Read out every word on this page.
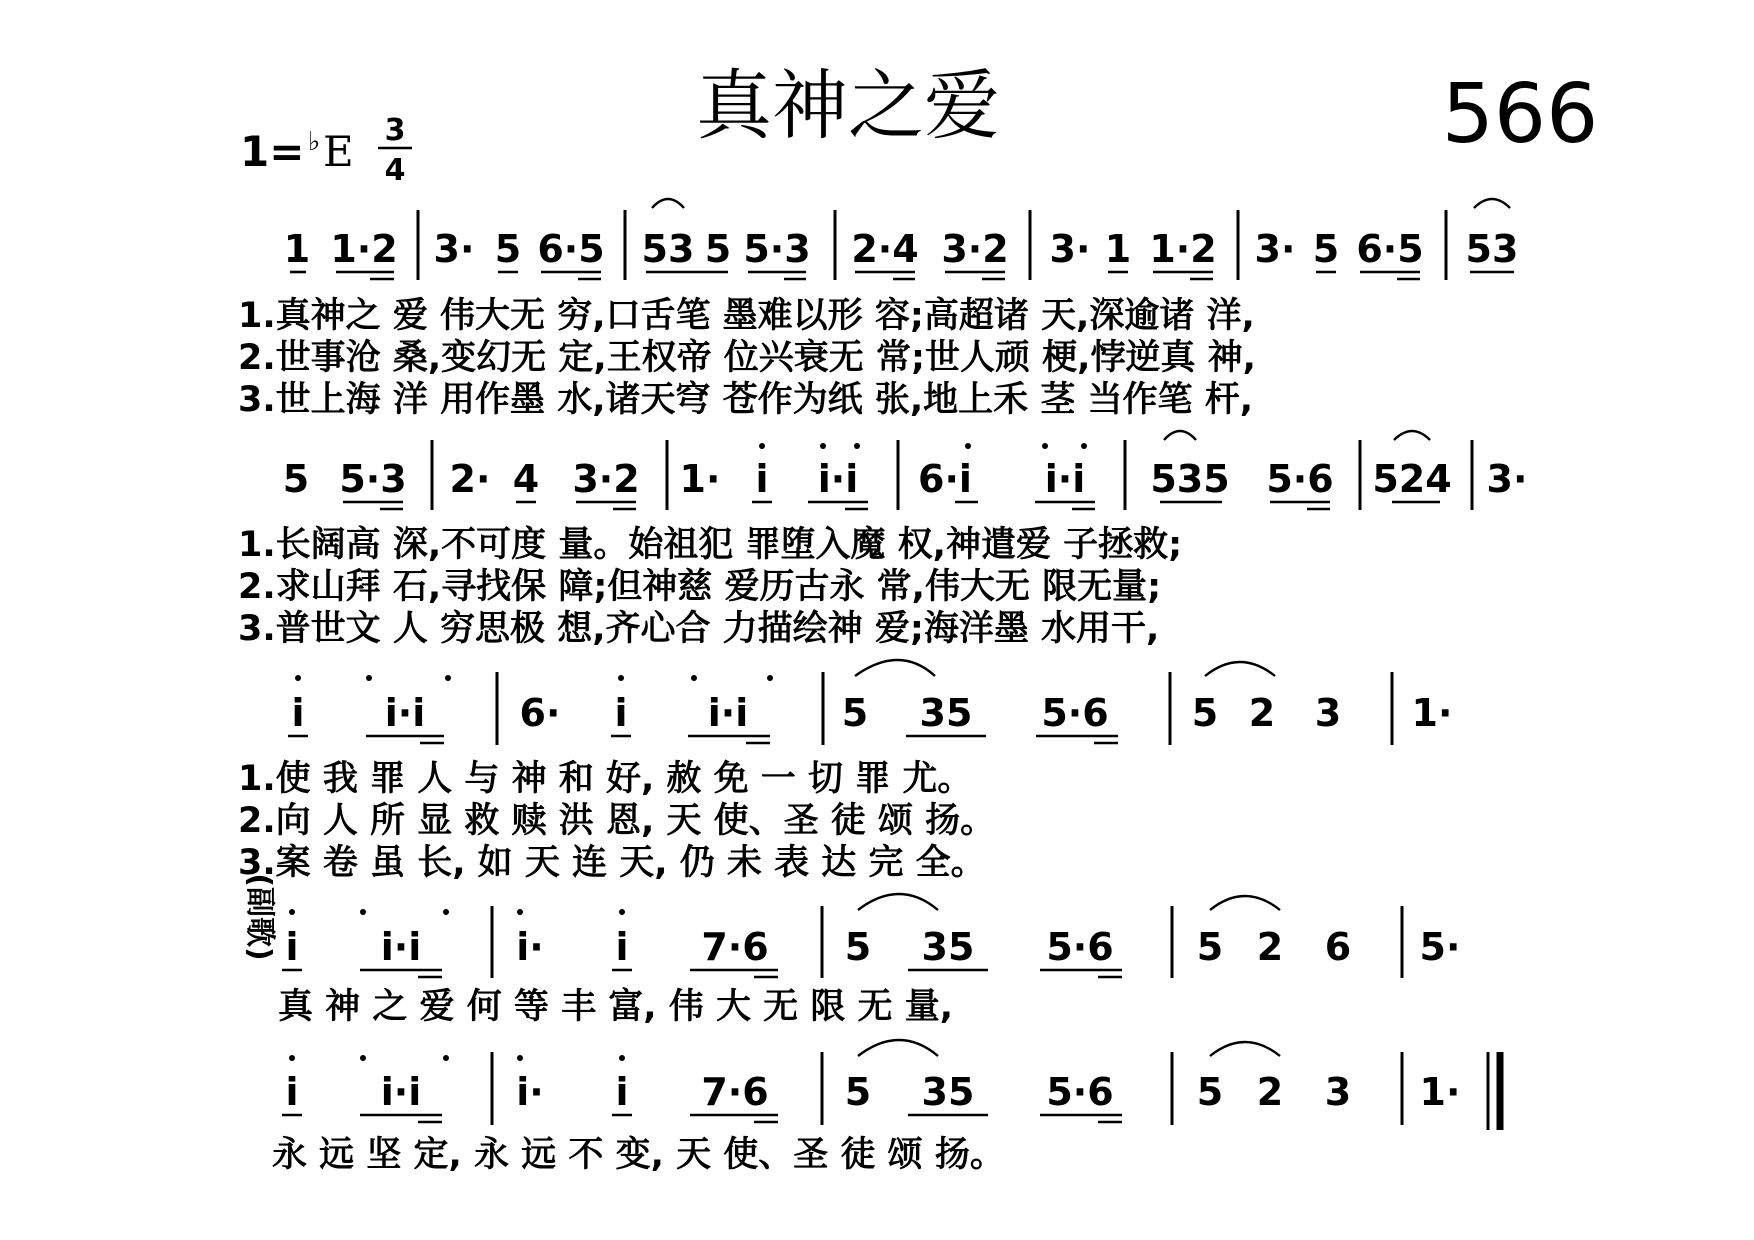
真神之爱	566
1= ♭ E 3
4
1 1·2 3· 5 6·5 53 5 5·3 2·4 3·2 3· 1 1·2 3· 5 6·5 53
1.真神之 爱 伟大无 穷,口舌笔 墨难以形 容;高超诸 天,深逾诸 洋,
2.世事沧 桑,变幻无 定,王权帝 位兴衰无 常;世人顽 梗,悖逆真 神,
3.世上海 洋 用作墨 水,诸天穹 苍作为纸 张,地上禾 茎 当作笔 杆,
5 5·3 2· 4 3·2 1· i i·i 6·i i·i 535 5·6 524 3·
1.长阔高 深,不可度 量。始祖犯 罪堕入魔 权,神遣爱 子拯救;
2.求山拜 石,寻找保 障;但神慈 爱历古永 常,伟大无 限无量;
3.普世文 人 穷思极 想,齐心合 力描绘神 爱;海洋墨 水用干,
i i·i 6· i i·i 5 35 5·6 5 2 3 1·
1.使 我 罪 人 与 神 和 好, 赦 免 一 切 罪 尤。
2.向 人 所 显 救 赎 洪 恩, 天 使、圣 徒 颂 扬。
3.案 卷 虽 长, 如 天 连 天, 仍 未 表 达 完 全。
(副歌) i i·i	i· i 7·6 5 35 5·6 5 2 6 5·
真 神 之 爱 何 等 丰 富, 伟 大 无 限 无 量,
i i·i	i· i 7·6 5 35 5·6 5 2 3 1·
永 远 坚 定, 永 远 不 变, 天 使、圣 徒 颂 扬。
